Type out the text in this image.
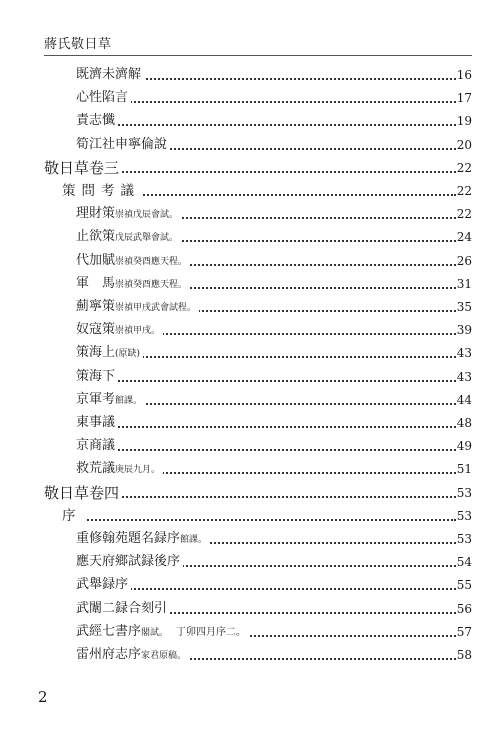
蔣氏敬日草
既濟未濟解	16
心性陷言	17
責志懺	19
筍江社申寧倫說	20
敬日草卷三	22
策問考議	22
理財策崇禎戊辰會試。	22
止欲策戊辰武舉會試。	24
代加賦崇禎癸酉應天程。	26
軍　馬崇禎癸酉應天程。	31
薊寧策崇禎甲戌武會試程。	35
奴寇策崇禎甲戌。	39
策海上(原缺)	43
策海下	43
京軍考館課。	44
東事議	48
京商議	49
救荒議庚辰九月。	51
敬日草卷四	53
序	53
重修翰苑題名録序館課。	53
應天府鄉試録後序	54
武舉録序	55
武闈二録合刻引	56
武經七書序閣試。 丁卯四月序二。	57
雷州府志序家君原稿。	58
2
